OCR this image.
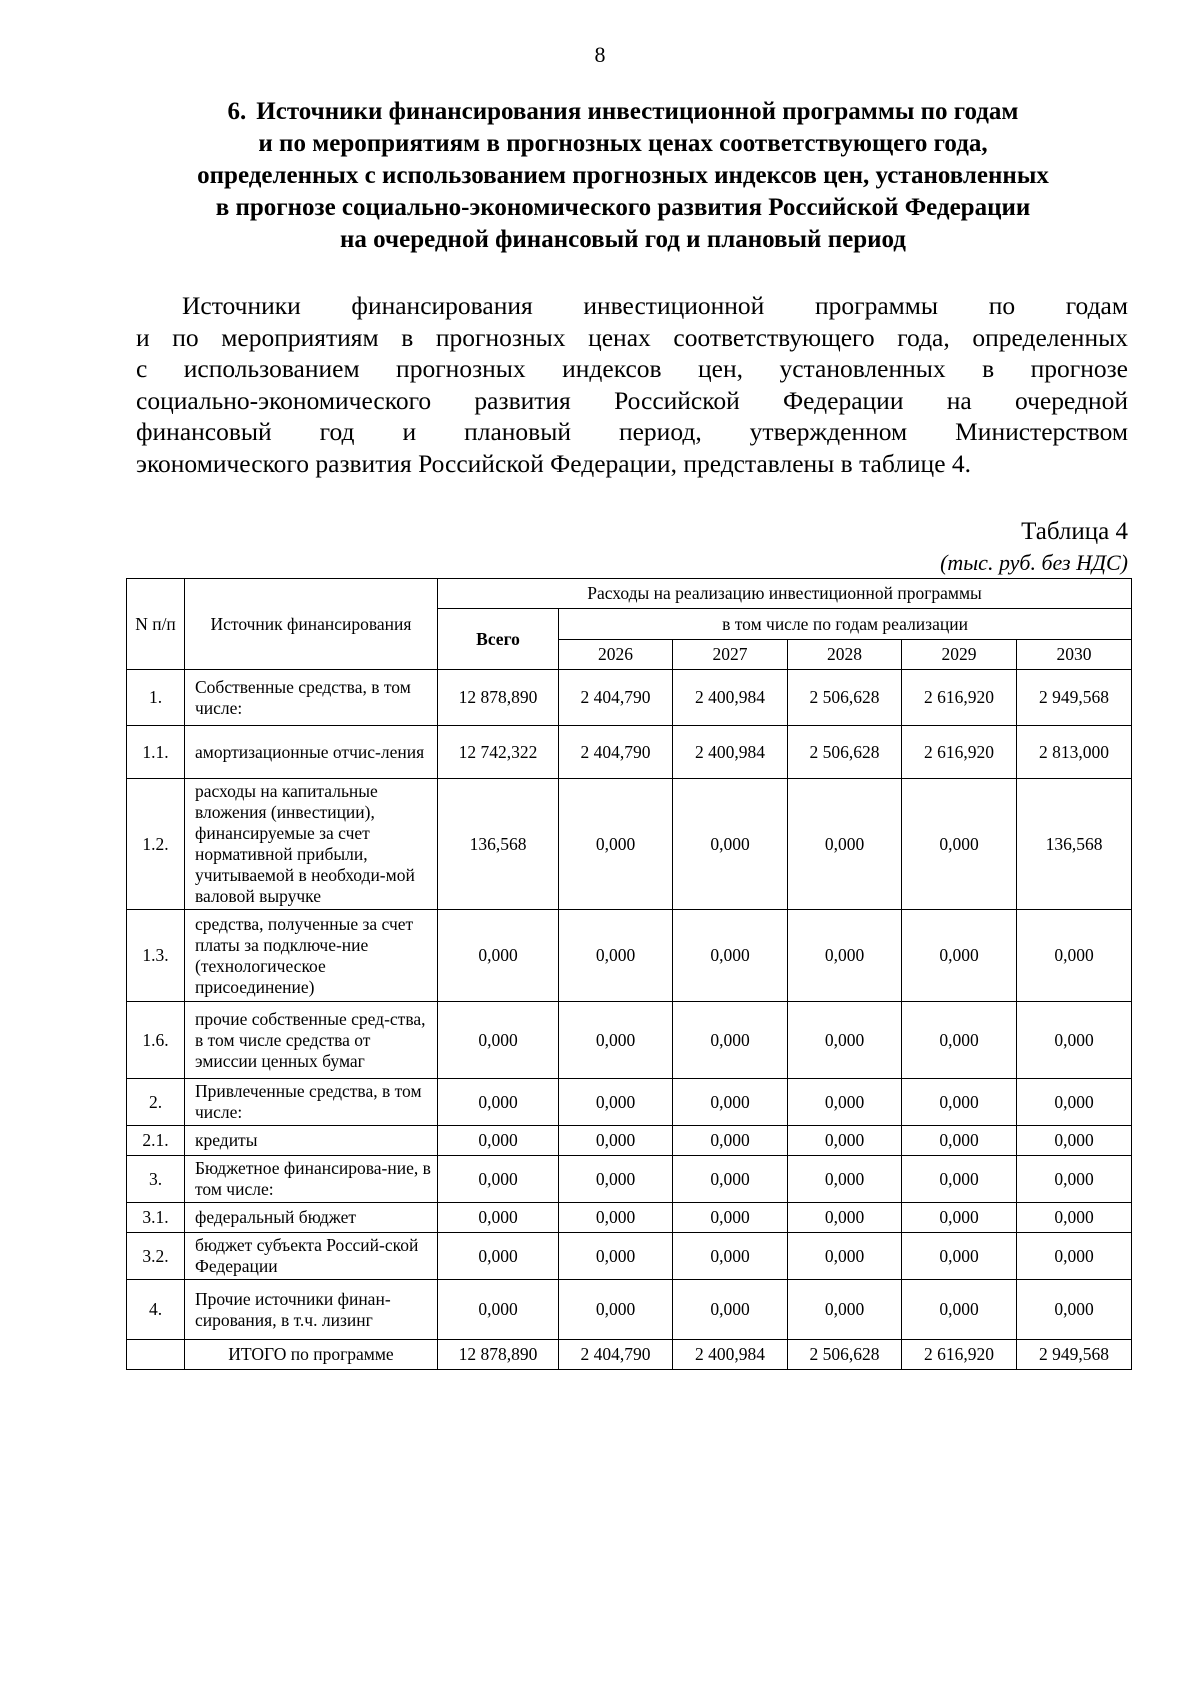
8
6. Источники финансирования инвестиционной программы по годам
и по мероприятиям в прогнозных ценах соответствующего года,
определенных с использованием прогнозных индексов цен, установленных
в прогнозе социально-экономического развития Российской Федерации
на очередной финансовый год и плановый период
Источники финансирования инвестиционной программы по годам
и по мероприятиям в прогнозных ценах соответствующего года, определенных
с использованием прогнозных индексов цен, установленных в прогнозе
социально-экономического развития Российской Федерации на очередной
финансовый год и плановый период, утвержденном Министерством
экономического развития Российской Федерации, представлены в таблице 4.
Таблица 4
(тыс. руб. без НДС)
N п/п	Источник финансирования	Расходы на реализацию инвестиционной программы					
		Всего	в том числе по годам реализации				
			2026	2027	2028	2029	2030
1.	Собственные средства, в том числе:	12 878,890	2 404,790	2 400,984	2 506,628	2 616,920	2 949,568
1.1.	амортизационные отчис-ления	12 742,322	2 404,790	2 400,984	2 506,628	2 616,920	2 813,000
1.2.	расходы на капитальные вложения (инвестиции), финансируемые за счет нормативной прибыли, учитываемой в необходи-мой валовой выручке	136,568	0,000	0,000	0,000	0,000	136,568
1.3.	средства, полученные за счет платы за подключе-ние (технологическое присоединение)	0,000	0,000	0,000	0,000	0,000	0,000
1.6.	прочие собственные сред-ства, в том числе средства от эмиссии ценных бумаг	0,000	0,000	0,000	0,000	0,000	0,000
2.	Привлеченные средства, в том числе:	0,000	0,000	0,000	0,000	0,000	0,000
2.1.	кредиты	0,000	0,000	0,000	0,000	0,000	0,000
3.	Бюджетное финансирова-ние, в том числе:	0,000	0,000	0,000	0,000	0,000	0,000
3.1.	федеральный бюджет	0,000	0,000	0,000	0,000	0,000	0,000
3.2.	бюджет субъекта Россий-ской Федерации	0,000	0,000	0,000	0,000	0,000	0,000
4.	Прочие источники финан-сирования, в т.ч. лизинг	0,000	0,000	0,000	0,000	0,000	0,000
	ИТОГО по программе	12 878,890	2 404,790	2 400,984	2 506,628	2 616,920	2 949,568
